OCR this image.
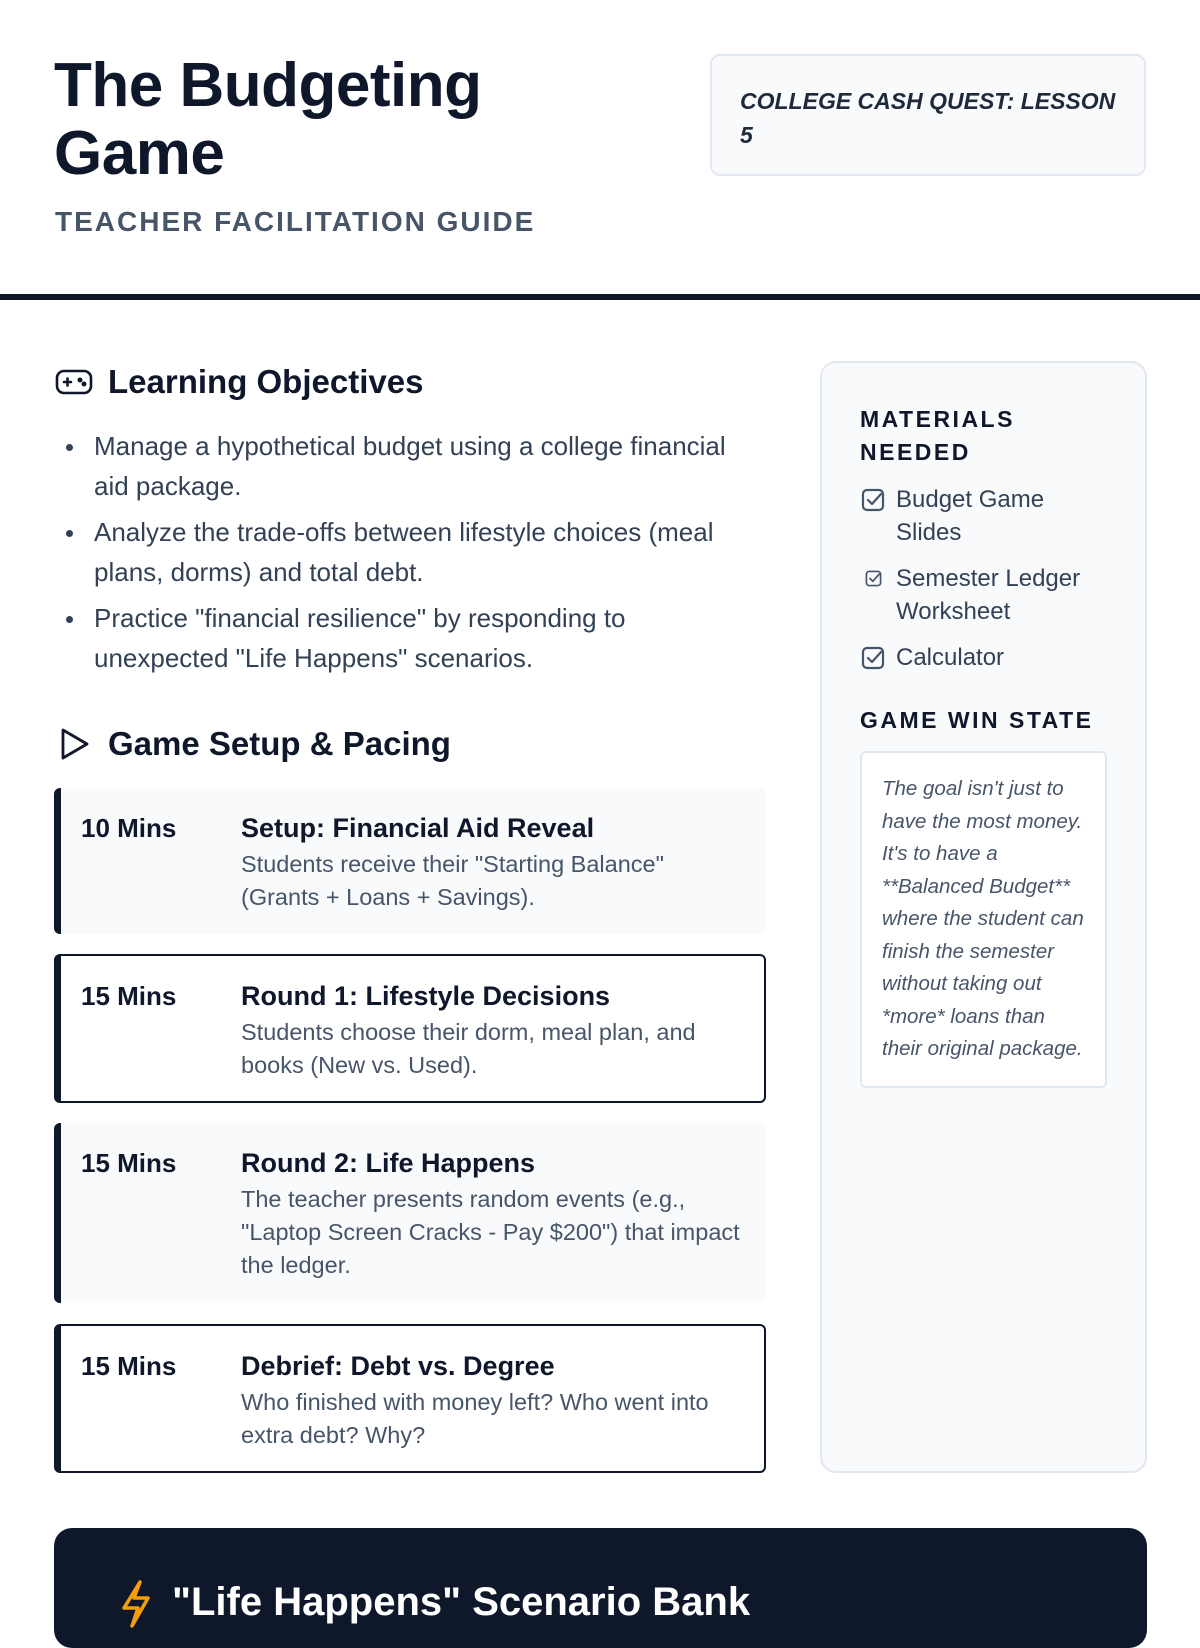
The Budgeting Game

TEACHER FACILITATION GUIDE

COLLEGE CASH QUEST: LESSON 5
Learning Objectives
Manage a hypothetical budget using a college financial aid package.
Analyze the trade-offs between lifestyle choices (meal plans, dorms) and total debt.
Practice "financial resilience" by responding to unexpected "Life Happens" scenarios.
Game Setup & Pacing
10 Mins	Setup: Financial Aid Reveal
Students receive their "Starting Balance" (Grants + Loans + Savings).
15 Mins	Round 1: Lifestyle Decisions
Students choose their dorm, meal plan, and books (New vs. Used).
15 Mins	Round 2: Life Happens
The teacher presents random events (e.g., "Laptop Screen Cracks - Pay $200") that impact the ledger.
15 Mins	Debrief: Debt vs. Degree
Who finished with money left? Who went into extra debt? Why?
MATERIALS NEEDED
Budget Game Slides
Semester Ledger Worksheet
Calculator
GAME WIN STATE
The goal isn't just to have the most money. It's to have a **Balanced Budget** where the student can finish the semester without taking out *more* loans than their original package.
"Life Happens" Scenario Bank
